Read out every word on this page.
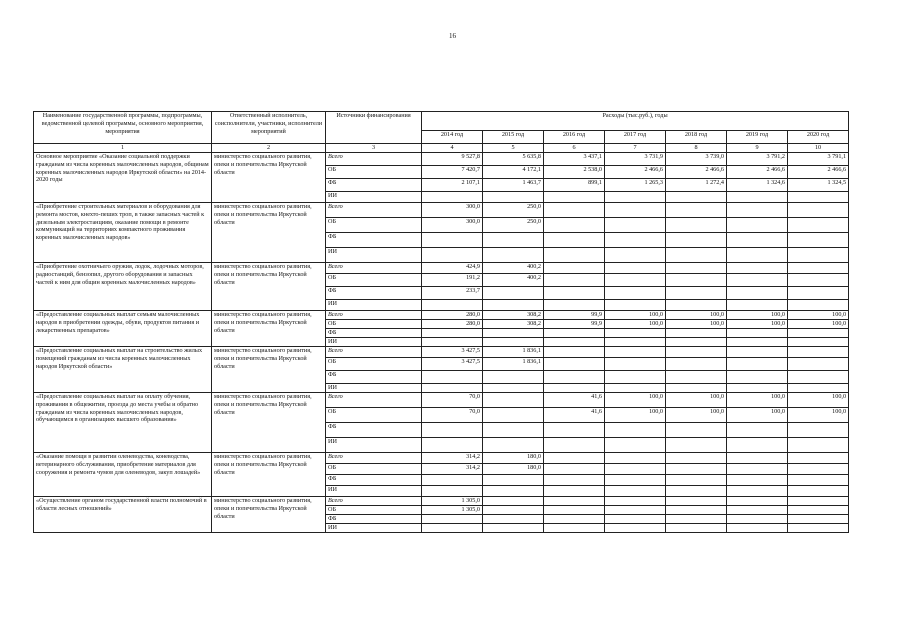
16
Наименование государственной программы, подпрограммы, ведомственной целевой программы, основного мероприятия, мероприятия	Ответственный исполнитель, соисполнители, участники, исполнители мероприятий	Источники финансирования	Расходы (тыс.руб.), годы						
			2014 год	2015 год	2016 год	2017 год	2018 год	2019 год	2020 год
1	2	3	4	5	6	7	8	9	10
Основное мероприятие «Оказание социальной поддержки гражданам из числа коренных малочисленных народов, общинам коренных малочисленных народов Иркутской области» на 2014-2020 годы	министерство социального развития, опеки и попечительства Иркутской области	Всего	9 527,8	5 635,8	3 437,1	3 731,9	3 739,0	3 791,2	3 791,1
		ОБ	7 420,7	4 172,1	2 538,0	2 466,6	2 466,6	2 466,6	2 466,6
		ФБ	2 107,1	1 463,7	899,1	1 265,3	1 272,4	1 324,6	1 324,5
		ИИ							
«Приобретение строительных материалов и оборудования для ремонта мостов, кнехто-пеших троп, в также запасных частей к дизельным электростанциям, оказание помощи в ремонте коммуникаций на территориях компактного проживания коренных малочисленных народов»	министерство социального развития, опеки и попечительства Иркутской области	Всего	300,0	250,0					
		ОБ	300,0	250,0					
		ФБ							
		ИИ							
«Приобретение охотничьего оружия, лодок, лодочных моторов, радиостанций, бензопил, другого оборудования и запасных частей к ним для общин коренных малочисленных народов»	министерство социального развития, опеки и попечительства Иркутской области	Всего	424,9	400,2					
		ОБ	191,2	400,2					
		ФБ	233,7						
		ИИ							
«Предоставление социальных выплат семьям малочисленных народов в приобретении одежды, обуви, продуктов питания и лекарственных препаратов»	министерство социального развития, опеки и попечительства Иркутской области	Всего	280,0	308,2	99,9	100,0	100,0	100,0	100,0
		ОБ	280,0	308,2	99,9	100,0	100,0	100,0	100,0
		ФБ							
		ИИ							
«Предоставление социальных выплат на строительство жилых помещений гражданам из числа коренных малочисленных народов Иркутской области»	министерство социального развития, опеки и попечительства Иркутской области	Всего	3 427,5	1 836,1					
		ОБ	3 427,5	1 836,1					
		ФБ							
		ИИ							
«Предоставление социальных выплат на оплату обучения, проживания в общежитии, проезда до места учебы и обратно гражданам из числа коренных малочисленных народов, обучающимся в организациях высшего образования»	министерство социального развития, опеки и попечительства Иркутской области	Всего	70,0		41,6	100,0	100,0	100,0	100,0
		ОБ	70,0		41,6	100,0	100,0	100,0	100,0
		ФБ							
		ИИ							
«Оказание помощи в развитии оленеводства, коневодства, ветеринарного обслуживания, приобретение материалов для сооружения и ремонта чумов для оленеводов, закуп лошадей»	министерство социального развития, опеки и попечительства Иркутской области	Всего	314,2	180,0					
		ОБ	314,2	180,0					
		ФБ							
		ИИ							
«Осуществление органом государственной власти полномочий в области лесных отношений»	министерство социального развития, опеки и попечительства Иркутской области	Всего	1 305,0						
		ОБ	1 305,0						
		ФБ							
		ИИ							
